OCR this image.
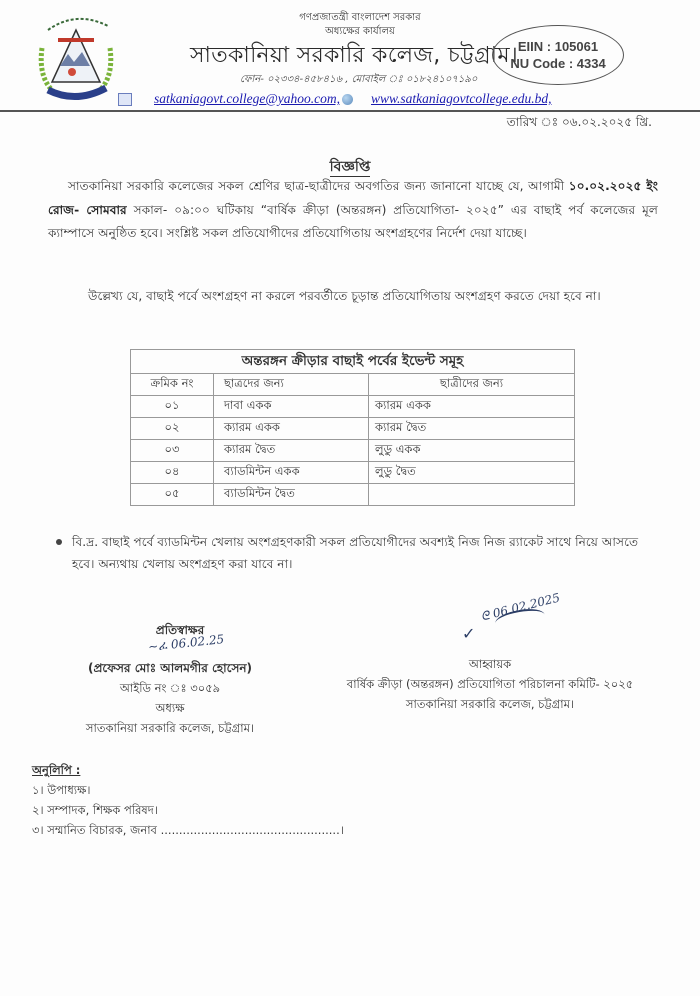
গণপ্রজাতন্ত্রী বাংলাদেশ সরকার
অধ্যক্ষের কার্যালয়
সাতকানিয়া সরকারি কলেজ, চট্টগ্রাম।
ফোন- ০২৩৩৪-৪৫৮৪১৬ , মোবাইল ঃ ০১৮২৪১০৭১৯০
EIIN : 105061
NU Code : 4334
satkaniagovt.college@yahoo.com, www.satkaniagovtcollege.edu.bd,
তারিখ ঃ ০৬.০২.২০২৫ খ্রি.
বিজ্ঞপ্তি
সাতকানিয়া সরকারি কলেজের সকল শ্রেণির ছাত্র-ছাত্রীদের অবগতির জন্য জানানো যাচ্ছে যে, আগামী ১০.০২.২০২৫ ইং রোজ- সোমবার সকাল- ০৯:০০ ঘটিকায় “বার্ষিক ক্রীড়া (অন্তরঙ্গন) প্রতিযোগিতা- ২০২৫” এর বাছাই পর্ব কলেজের মূল ক্যাম্পাসে অনুষ্ঠিত হবে। সংশ্লিষ্ট সকল প্রতিযোগীদের প্রতিযোগিতায় অংশগ্রহণের নির্দেশ দেয়া যাচ্ছে।
উল্লেখ্য যে, বাছাই পর্বে অংশগ্রহণ না করলে পরবর্তীতে চূড়ান্ত প্রতিযোগিতায় অংশগ্রহণ করতে দেয়া হবে না।
অন্তরঙ্গন ক্রীড়ার বাছাই পর্বের ইভেন্ট সমূহ		
ক্রমিক নং	ছাত্রদের জন্য	ছাত্রীদের জন্য
০১	দাবা একক	ক্যারম একক
০২	ক্যারম একক	ক্যারম দ্বৈত
০৩	ক্যারম দ্বৈত	লুডু একক
০৪	ব্যাডমিন্টন একক	লুডু দ্বৈত
০৫	ব্যাডমিন্টন দ্বৈত	
বি.দ্র. বাছাই পর্বে ব্যাডমিন্টন খেলায় অংশগ্রহণকারী সকল প্রতিযোগীদের অবশ্যই নিজ নিজ র‍্যাকেট সাথে নিয়ে আসতে হবে। অন্যথায় খেলায় অংশগ্রহণ করা যাবে না।
প্রতিস্বাক্ষর
(প্রফেসর মোঃ আলমগীর হোসেন)
আইডি নং ঃ ৩০৫৯
অধ্যক্ষ
সাতকানিয়া সরকারি কলেজ, চট্টগ্রাম।
~ፈ 06.02.25	✓
ᘓ 06.02.2025
আহ্বায়ক
বার্ষিক ক্রীড়া (অন্তরঙ্গন) প্রতিযোগিতা পরিচালনা কমিটি- ২০২৫
সাতকানিয়া সরকারি কলেজ, চট্টগ্রাম।
অনুলিপি :
১। উপাধ্যক্ষ।
২। সম্পাদক, শিক্ষক পরিষদ।
৩। সম্মানিত বিচারক, জনাব .................................................।
